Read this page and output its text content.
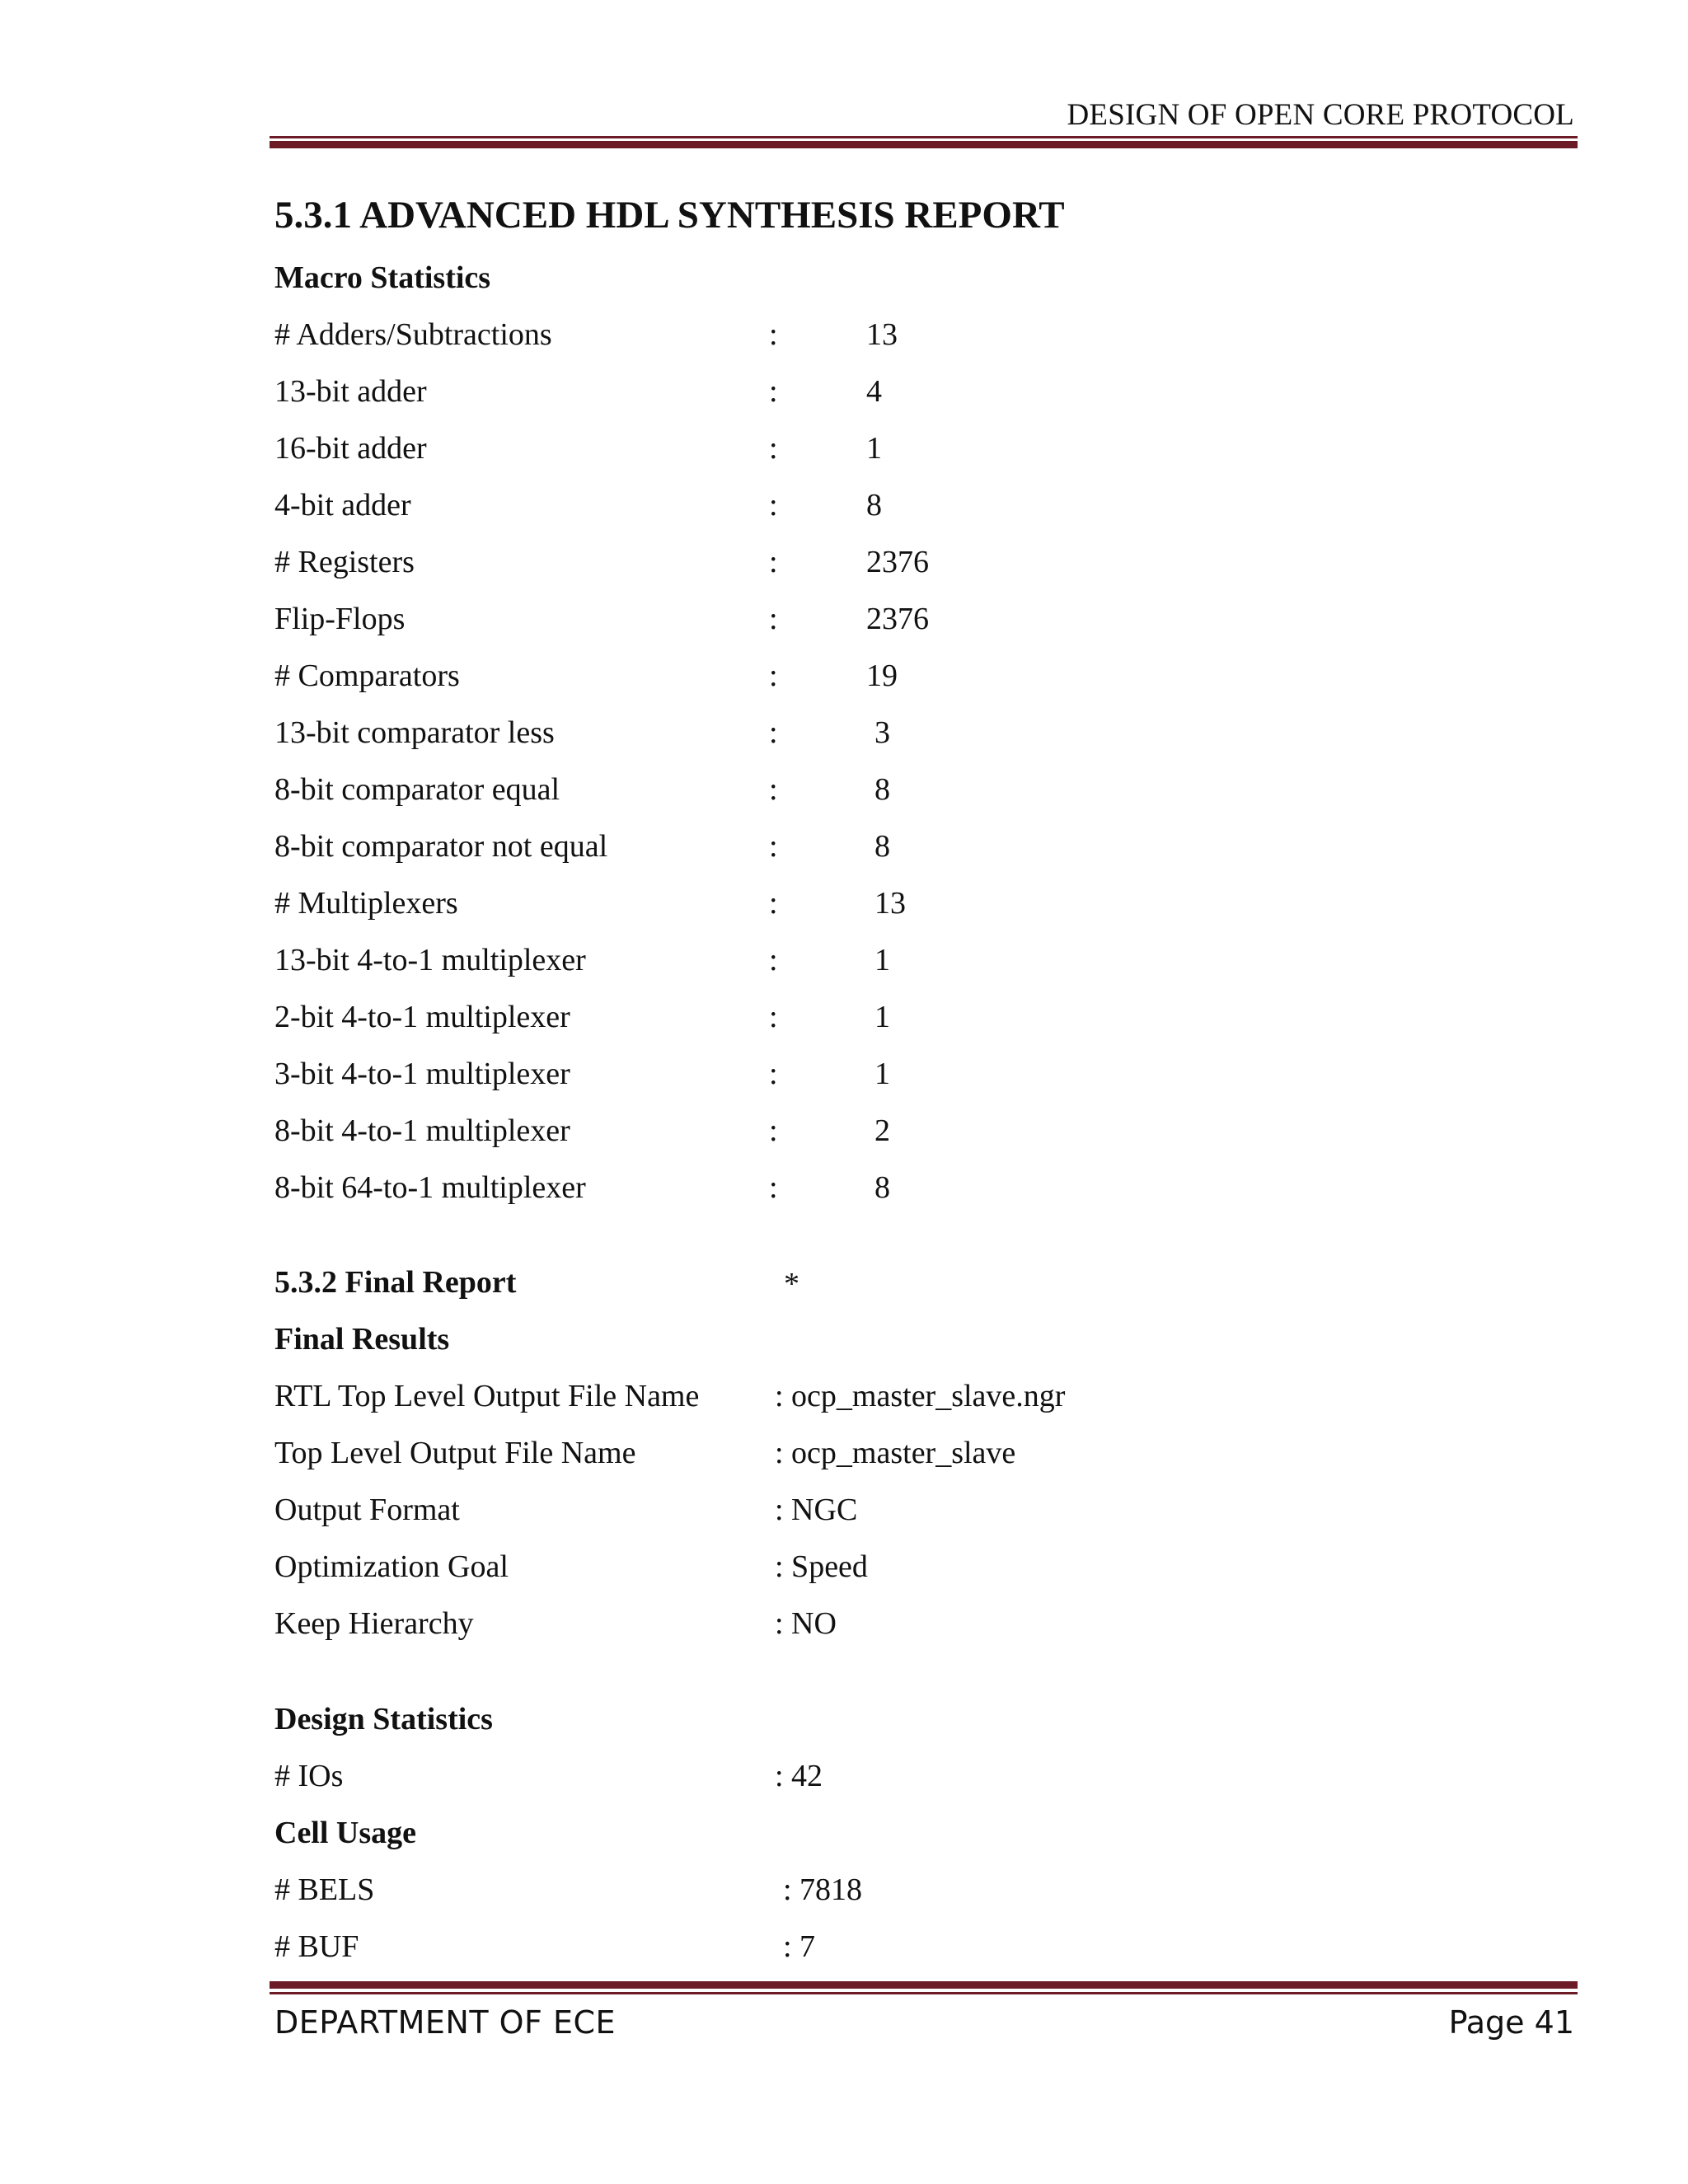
DESIGN OF OPEN CORE PROTOCOL
5.3.1 ADVANCED HDL SYNTHESIS REPORT
Macro Statistics
# Adders/Subtractions	:	13
13-bit adder	:	4
16-bit adder	:	1
4-bit adder	:	8
# Registers	:	2376
Flip-Flops	:	2376
# Comparators	:	19
13-bit comparator less	:	3
8-bit comparator equal	:	8
8-bit comparator not equal	:	8
# Multiplexers	:	13
13-bit 4-to-1 multiplexer	:	1
2-bit 4-to-1 multiplexer	:	1
3-bit 4-to-1 multiplexer	:	1
8-bit 4-to-1 multiplexer	:	2
8-bit 64-to-1 multiplexer	:	8
5.3.2 Final Report	*
Final Results
RTL Top Level Output File Name : ocp_master_slave.ngr
Top Level Output File Name	: ocp_master_slave
Output Format	: NGC
Optimization Goal	: Speed
Keep Hierarchy	: NO
Design Statistics
# IOs	: 42
Cell Usage
# BELS	: 7818
# BUF	: 7
DEPARTMENT OF ECE	Page 41
